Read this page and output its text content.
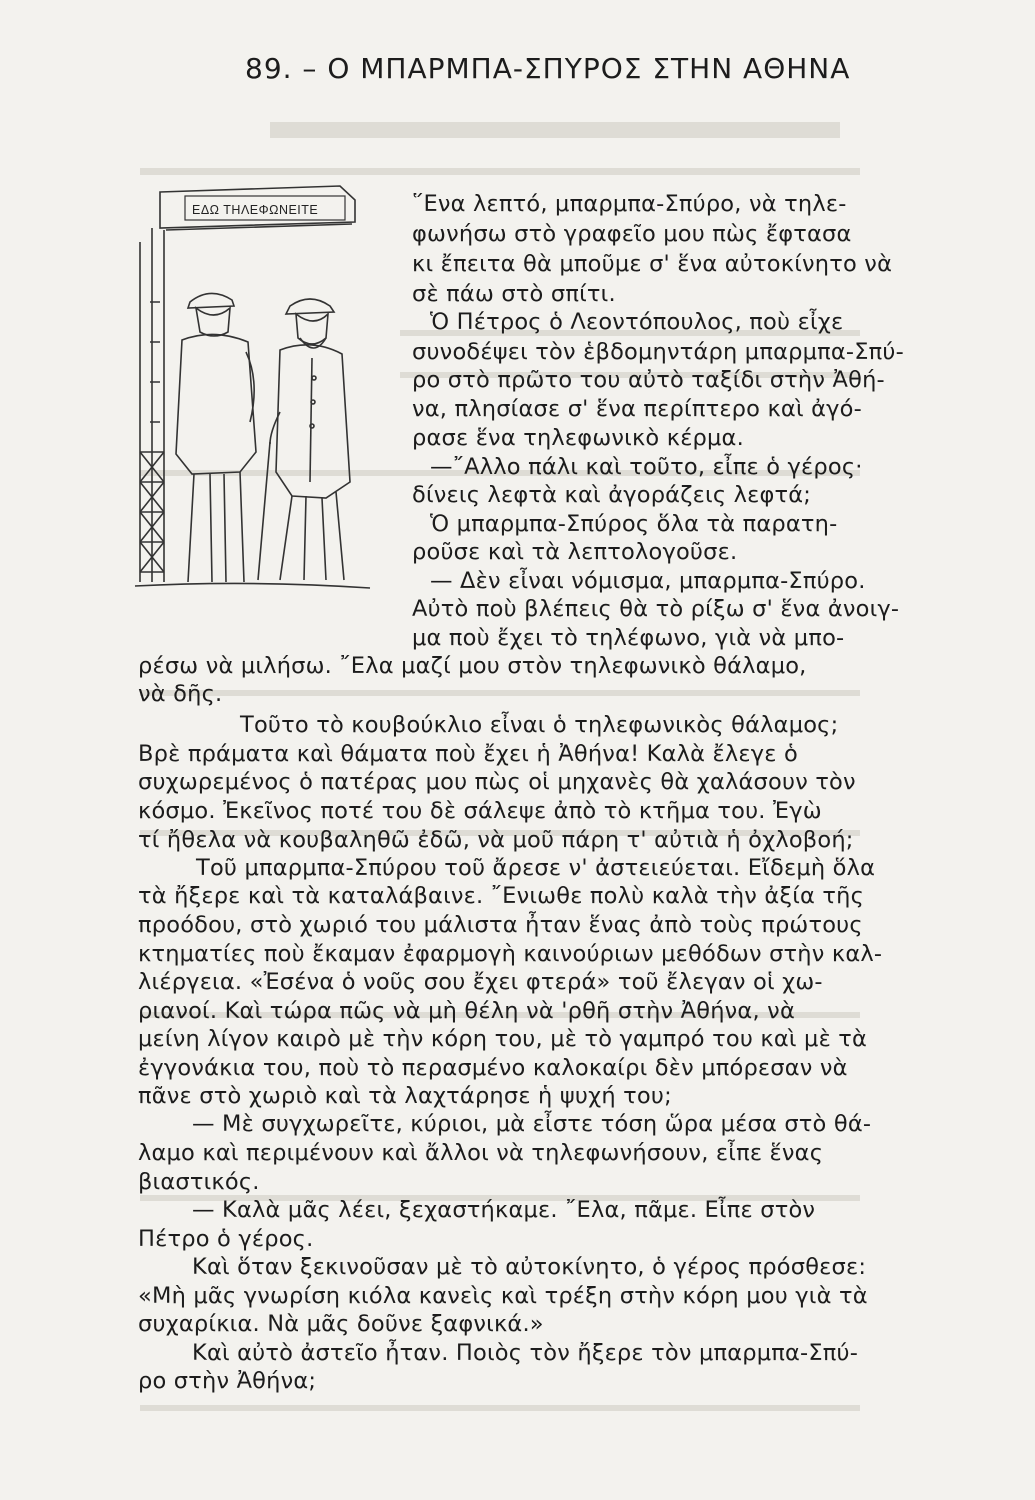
89. – Ο ΜΠΑΡΜΠΑ-ΣΠΥΡΟΣ ΣΤΗΝ ΑΘΗΝΑ
ΕΔΩ ΤΗΛΕΦΩΝΕΙΤΕ	῞Ενα λεπτό, μπαρμπα-Σπύρο, νὰ τηλε-
φωνήσω στὸ γραφεῖο μου πὼς ἔφτασα
κι ἔπειτα θὰ μποῦμε σ' ἕνα αὐτοκίνητο νὰ
σὲ πάω στὸ σπίτι.
Ὁ Πέτρος ὁ Λεοντόπουλος, ποὺ εἶχε
συνοδέψει τὸν ἑβδομηντάρη μπαρμπα-Σπύ-
ρο στὸ πρῶτο του αὐτὸ ταξίδι στὴν Ἀθή-
να, πλησίασε σ' ἕνα περίπτερο καὶ ἀγό-
ρασε ἕνα τηλεφωνικὸ κέρμα.
—῎Αλλο πάλι καὶ τοῦτο, εἶπε ὁ γέρος·
δίνεις λεφτὰ καὶ ἀγοράζεις λεφτά;
Ὁ μπαρμπα-Σπύρος ὅλα τὰ παρατη-
ροῦσε καὶ τὰ λεπτολογοῦσε.
— Δὲν εἶναι νόμισμα, μπαρμπα-Σπύρο.
Αὐτὸ ποὺ βλέπεις θὰ τὸ ρίξω σ' ἕνα ἀνοιγ-
μα ποὺ ἔχει τὸ τηλέφωνο, γιὰ νὰ μπο-
ρέσω νὰ μιλήσω. ῎Ελα μαζί μου στὸν τηλεφωνικὸ θάλαμο,
νὰ δῆς.
Τοῦτο τὸ κουβούκλιο εἶναι ὁ τηλεφωνικὸς θάλαμος;
Βρὲ πράματα καὶ θάματα ποὺ ἔχει ἡ Ἀθήνα! Καλὰ ἔλεγε ὁ
συχωρεμένος ὁ πατέρας μου πὼς οἱ μηχανὲς θὰ χαλάσουν τὸν
κόσμο. Ἐκεῖνος ποτέ του δὲ σάλεψε ἀπὸ τὸ κτῆμα του. Ἐγὼ
τί ἤθελα νὰ κουβαληθῶ ἐδῶ, νὰ μοῦ πάρη τ' αὐτιὰ ἡ ὀχλοβοή;
Τοῦ μπαρμπα-Σπύρου τοῦ ἄρεσε ν' ἀστειεύεται. Εἴδεμὴ ὅλα
τὰ ἤξερε καὶ τὰ καταλάβαινε. ῎Ενιωθε πολὺ καλὰ τὴν ἀξία τῆς
προόδου, στὸ χωριό του μάλιστα ἦταν ἕνας ἀπὸ τοὺς πρώτους
κτηματίες ποὺ ἔκαμαν ἐφαρμογὴ καινούριων μεθόδων στὴν καλ-
λιέργεια. «Ἐσένα ὁ νοῦς σου ἔχει φτερά» τοῦ ἔλεγαν οἱ χω-
ριανοί. Καὶ τώρα πῶς νὰ μὴ θέλη νὰ 'ρθῆ στὴν Ἀθήνα, νὰ
μείνη λίγον καιρὸ μὲ τὴν κόρη του, μὲ τὸ γαμπρό του καὶ μὲ τὰ
ἐγγονάκια του, ποὺ τὸ περασμένο καλοκαίρι δὲν μπόρεσαν νὰ
πᾶνε στὸ χωριὸ καὶ τὰ λαχτάρησε ἡ ψυχή του;
— Μὲ συγχωρεῖτε, κύριοι, μὰ εἶστε τόση ὥρα μέσα στὸ θά-
λαμο καὶ περιμένουν καὶ ἄλλοι νὰ τηλεφωνήσουν, εἶπε ἕνας
βιαστικός.
— Καλὰ μᾶς λέει, ξεχαστήκαμε. ῎Ελα, πᾶμε. Εἶπε στὸν
Πέτρο ὁ γέρος.
Καὶ ὅταν ξεκινοῦσαν μὲ τὸ αὐτοκίνητο, ὁ γέρος πρόσθεσε:
«Μὴ μᾶς γνωρίση κιόλα κανεὶς καὶ τρέξη στὴν κόρη μου γιὰ τὰ
συχαρίκια. Νὰ μᾶς δοῦνε ξαφνικά.»
Καὶ αὐτὸ ἀστεῖο ἦταν. Ποιὸς τὸν ἤξερε τὸν μπαρμπα-Σπύ-
ρο στὴν Ἀθήνα;
